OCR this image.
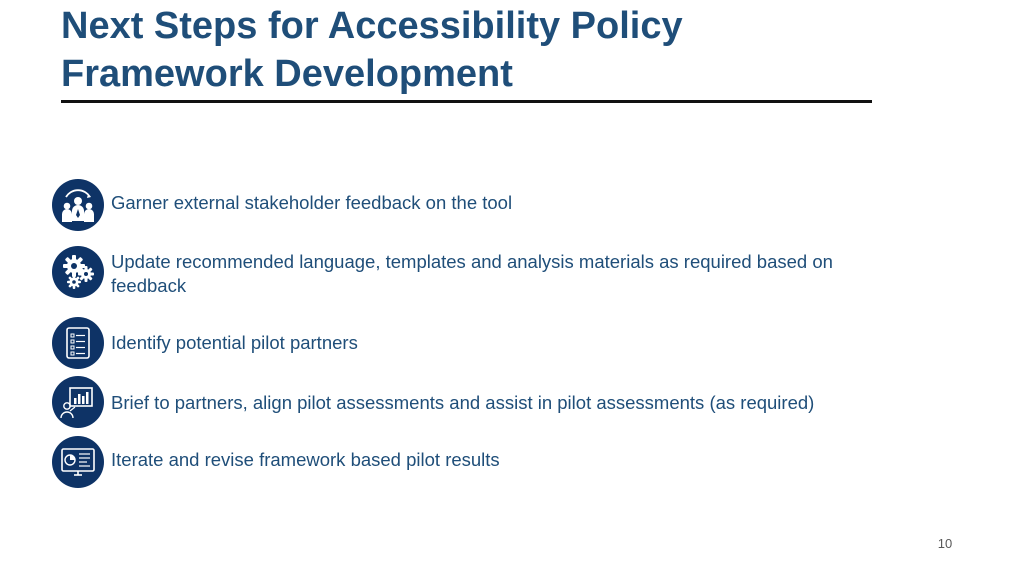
Next Steps for Accessibility Policy Framework Development
Garner external stakeholder feedback on the tool
Update recommended language, templates and analysis materials as required based on feedback
Identify potential pilot partners
Brief to partners, align pilot assessments and assist in pilot assessments (as required)
Iterate and revise framework based pilot results
10
